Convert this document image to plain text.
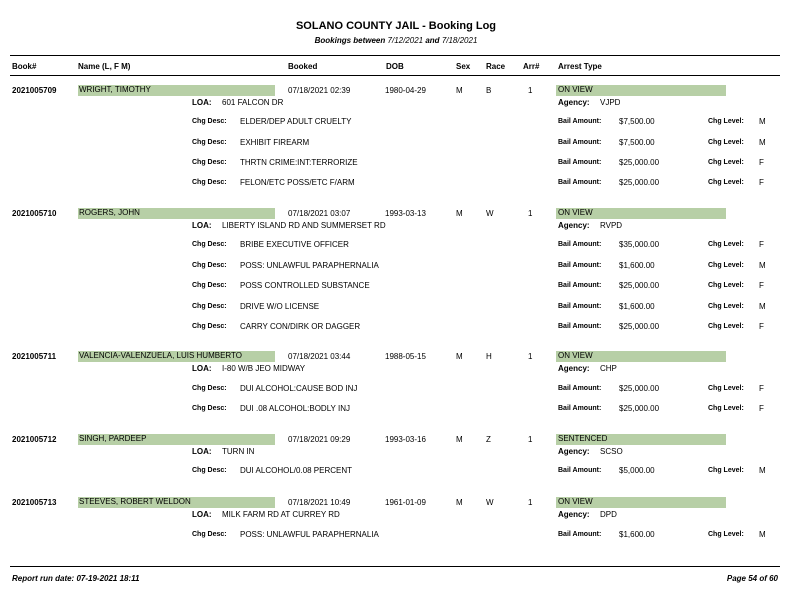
SOLANO COUNTY JAIL - Booking Log
Bookings between 7/12/2021 and 7/18/2021
Book#	Name (L, F M)	Booked	DOB	Sex Race Arr# Arrest Type
2021005709	WRIGHT, TIMOTHY	07/18/2021 02:39	1980-04-29	M	B	1	ON VIEW
LOA: 601 FALCON DR	Agency: VJPD
Chg Desc: ELDER/DEP ADULT CRUELTY	Bail Amount: $7,500.00	Chg Level: M
Chg Desc: EXHIBIT FIREARM	Bail Amount: $7,500.00	Chg Level: M
Chg Desc: THRTN CRIME:INT:TERRORIZE	Bail Amount: $25,000.00	Chg Level: F
Chg Desc: FELON/ETC POSS/ETC F/ARM	Bail Amount: $25,000.00	Chg Level: F
2021005710	ROGERS, JOHN	07/18/2021 03:07	1993-03-13	M	W	1	ON VIEW
LOA: LIBERTY ISLAND RD AND SUMMERSET RD	Agency: RVPD
Chg Desc: BRIBE EXECUTIVE OFFICER	Bail Amount: $35,000.00	Chg Level: F
Chg Desc: POSS: UNLAWFUL PARAPHERNALIA	Bail Amount: $1,600.00	Chg Level: M
Chg Desc: POSS CONTROLLED SUBSTANCE	Bail Amount: $25,000.00	Chg Level: F
Chg Desc: DRIVE W/O LICENSE	Bail Amount: $1,600.00	Chg Level: M
Chg Desc: CARRY CON/DIRK OR DAGGER	Bail Amount: $25,000.00	Chg Level: F
2021005711	VALENCIA-VALENZUELA, LUIS HUMBERTO	07/18/2021 03:44	1988-05-15	M	H	1	ON VIEW
LOA: I-80 W/B JEO MIDWAY	Agency: CHP
Chg Desc: DUI ALCOHOL:CAUSE BOD INJ	Bail Amount: $25,000.00	Chg Level: F
Chg Desc: DUI .08 ALCOHOL:BODLY INJ	Bail Amount: $25,000.00	Chg Level: F
2021005712	SINGH, PARDEEP	07/18/2021 09:29	1993-03-16	M	Z	1	SENTENCED
LOA: TURN IN	Agency: SCSO
Chg Desc: DUI ALCOHOL/0.08 PERCENT	Bail Amount: $5,000.00	Chg Level: M
2021005713	STEEVES, ROBERT WELDON	07/18/2021 10:49	1961-01-09	M	W	1	ON VIEW
LOA: MILK FARM RD AT CURREY RD	Agency: DPD
Chg Desc: POSS: UNLAWFUL PARAPHERNALIA	Bail Amount: $1,600.00	Chg Level: M
Report run date: 07-19-2021 18:11	Page 54 of 60
